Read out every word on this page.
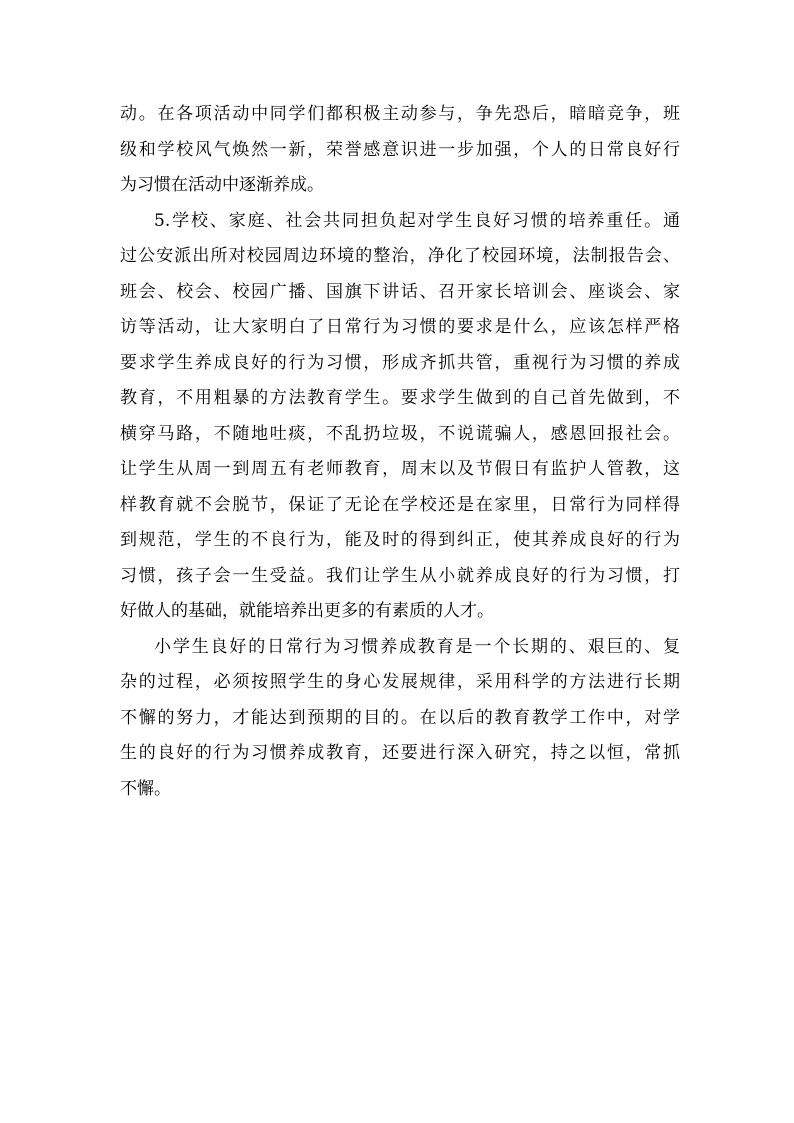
动。在各项活动中同学们都积极主动参与，争先恐后，暗暗竞争，班
级和学校风气焕然一新，荣誉感意识进一步加强，个人的日常良好行
为习惯在活动中逐渐养成。
5.学校、家庭、社会共同担负起对学生良好习惯的培养重任。通
过公安派出所对校园周边环境的整治，净化了校园环境，法制报告会、
班会、校会、校园广播、国旗下讲话、召开家长培训会、座谈会、家
访等活动，让大家明白了日常行为习惯的要求是什么，应该怎样严格
要求学生养成良好的行为习惯，形成齐抓共管，重视行为习惯的养成
教育，不用粗暴的方法教育学生。要求学生做到的自己首先做到，不
横穿马路，不随地吐痰，不乱扔垃圾，不说谎骗人，感恩回报社会。
让学生从周一到周五有老师教育，周末以及节假日有监护人管教，这
样教育就不会脱节，保证了无论在学校还是在家里，日常行为同样得
到规范，学生的不良行为，能及时的得到纠正，使其养成良好的行为
习惯，孩子会一生受益。我们让学生从小就养成良好的行为习惯，打
好做人的基础，就能培养出更多的有素质的人才。
小学生良好的日常行为习惯养成教育是一个长期的、艰巨的、复
杂的过程，必须按照学生的身心发展规律，采用科学的方法进行长期
不懈的努力，才能达到预期的目的。在以后的教育教学工作中，对学
生的良好的行为习惯养成教育，还要进行深入研究，持之以恒，常抓
不懈。
